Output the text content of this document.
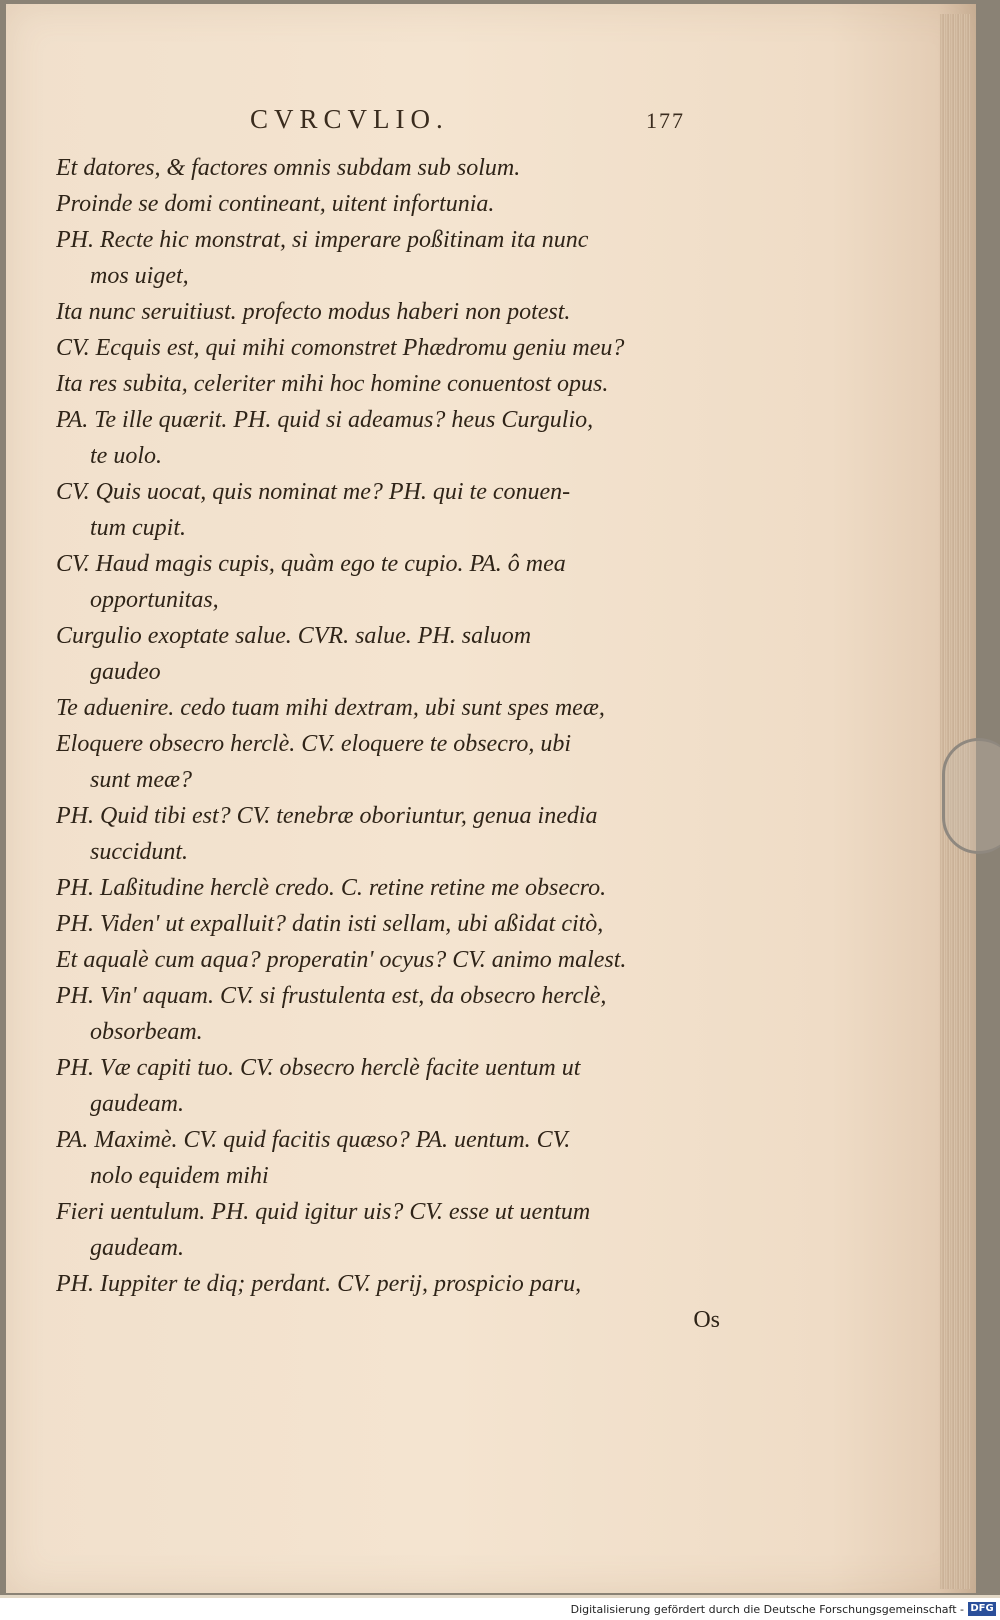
CVRCVLIO.	177
Et datores, & factores omnis subdam sub solum.
Proinde se domi contineant, uitent infortunia.
PH. Recte hic monstrat, si imperare poßitinam ita nunc
mos uiget,
Ita nunc seruitiust. profecto modus haberi non potest.
CV. Ecquis est, qui mihi comonstret Phædromu geniu meu?
Ita res subita, celeriter mihi hoc homine conuentost opus.
PA. Te ille quærit. PH. quid si adeamus? heus Curgulio,
te uolo.
CV. Quis uocat, quis nominat me? PH. qui te conuen-
tum cupit.
CV. Haud magis cupis, quàm ego te cupio. PA. ô mea
opportunitas,
Curgulio exoptate salue. CVR. salue. PH. saluom
gaudeo
Te aduenire. cedo tuam mihi dextram, ubi sunt spes meæ,
Eloquere obsecro herclè. CV. eloquere te obsecro, ubi
sunt meæ?
PH. Quid tibi est? CV. tenebræ oboriuntur, genua inedia
succidunt.
PH. Laßitudine herclè credo. C. retine retine me obsecro.
PH. Viden' ut expalluit? datin isti sellam, ubi aßidat citò,
Et aqualè cum aqua? properatin' ocyus? CV. animo malest.
PH. Vin' aquam. CV. si frustulenta est, da obsecro herclè,
obsorbeam.
PH. Væ capiti tuo. CV. obsecro herclè facite uentum ut
gaudeam.
PA. Maximè. CV. quid facitis quæso? PA. uentum. CV.
nolo equidem mihi
Fieri uentulum. PH. quid igitur uis? CV. esse ut uentum
gaudeam.
PH. Iuppiter te diq; perdant. CV. perij, prospicio paru,
Os
Digitalisierung gefördert durch die Deutsche Forschungsgemeinschaft - DFG
